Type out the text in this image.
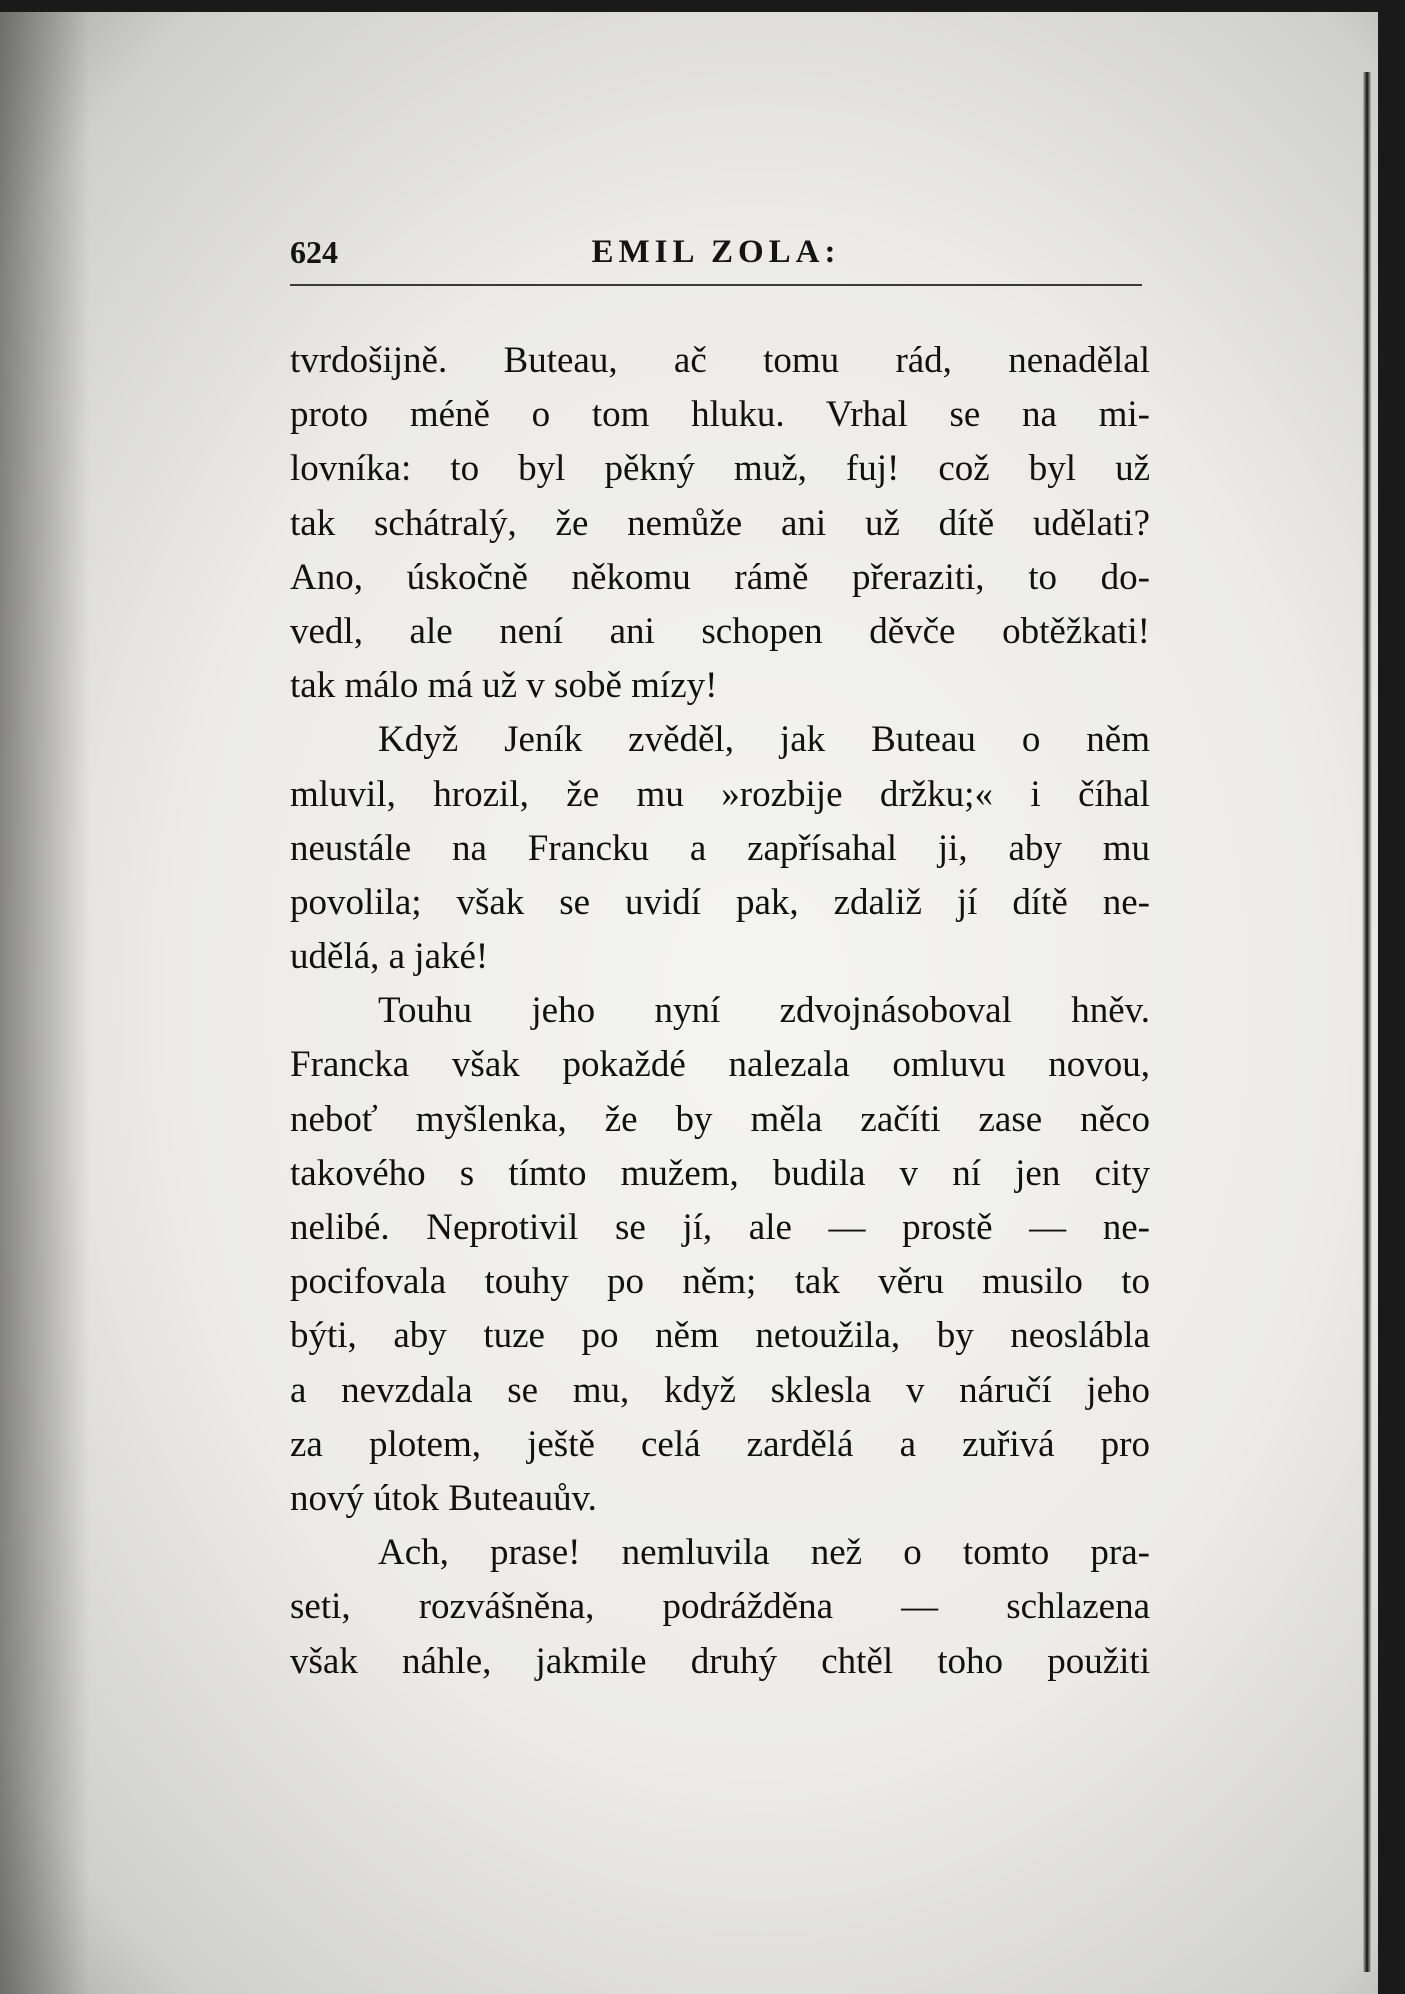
624	EMIL ZOLA:
tvrdošijně. Buteau, ač tomu rád, nenadělal
proto méně o tom hluku. Vrhal se na mi-
lovníka: to byl pěkný muž, fuj! což byl už
tak schátralý, že nemůže ani už dítě udělati?
Ano, úskočně někomu rámě přeraziti, to do-
vedl, ale není ani schopen děvče obtěžkati!
tak málo má už v sobě mízy!
Když Jeník zvěděl, jak Buteau o něm
mluvil, hrozil, že mu »rozbije držku;« i číhal
neustále na Francku a zapřísahal ji, aby mu
povolila; však se uvidí pak, zdaliž jí dítě ne-
udělá, a jaké!
Touhu jeho nyní zdvojnásoboval hněv.
Francka však pokaždé nalezala omluvu novou,
neboť myšlenka, že by měla začíti zase něco
takového s tímto mužem, budila v ní jen city
nelibé. Neprotivil se jí, ale — prostě — ne-
pocifovala touhy po něm; tak věru musilo to
býti, aby tuze po něm netoužila, by neoslábla
a nevzdala se mu, když sklesla v náručí jeho
za plotem, ještě celá zardělá a zuřivá pro
nový útok Buteauův.
Ach, prase! nemluvila než o tomto pra-
seti, rozvášněna, podrážděna — schlazena
však náhle, jakmile druhý chtěl toho použiti
